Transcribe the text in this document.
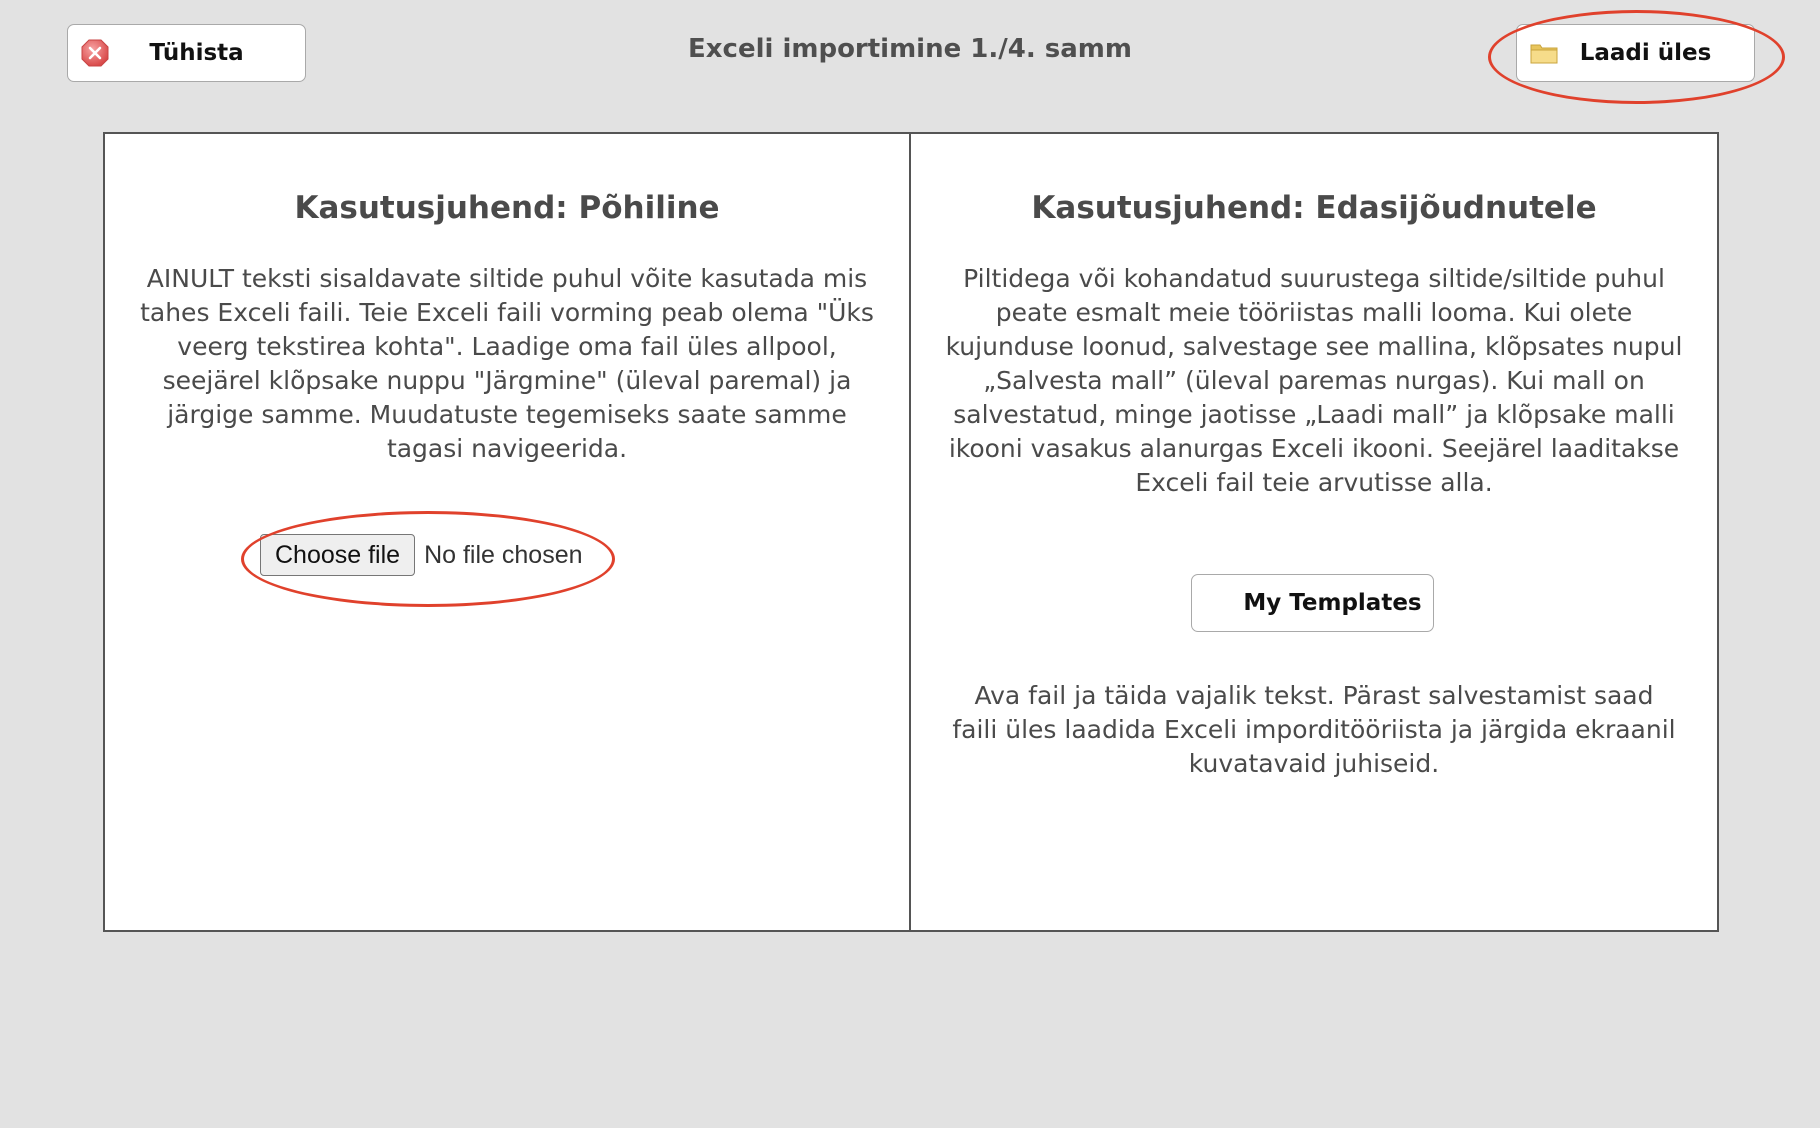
Tühista	Exceli importimine 1./4. samm	Laadi üles
Kasutusjuhend: Põhiline

AINULT teksti sisaldavate siltide puhul võite kasutada mis tahes Exceli faili. Teie Exceli faili vorming peab olema "Üks veerg tekstirea kohta". Laadige oma fail üles allpool, seejärel klõpsake nuppu "Järgmine" (üleval paremal) ja järgige samme. Muudatuste tegemiseks saate samme tagasi navigeerida.

Choose file No file chosen
Kasutusjuhend: Edasijõudnutele

Piltidega või kohandatud suurustega siltide/siltide puhul peate esmalt meie tööriistas malli looma. Kui olete kujunduse loonud, salvestage see mallina, klõpsates nupul „Salvesta mall” (üleval paremas nurgas). Kui mall on salvestatud, minge jaotisse „Laadi mall” ja klõpsake malli ikooni vasakus alanurgas Exceli ikooni. Seejärel laaditakse Exceli fail teie arvutisse alla.

My Templates

Ava fail ja täida vajalik tekst. Pärast salvestamist saad faili üles laadida Exceli imporditööriista ja järgida ekraanil kuvatavaid juhiseid.
